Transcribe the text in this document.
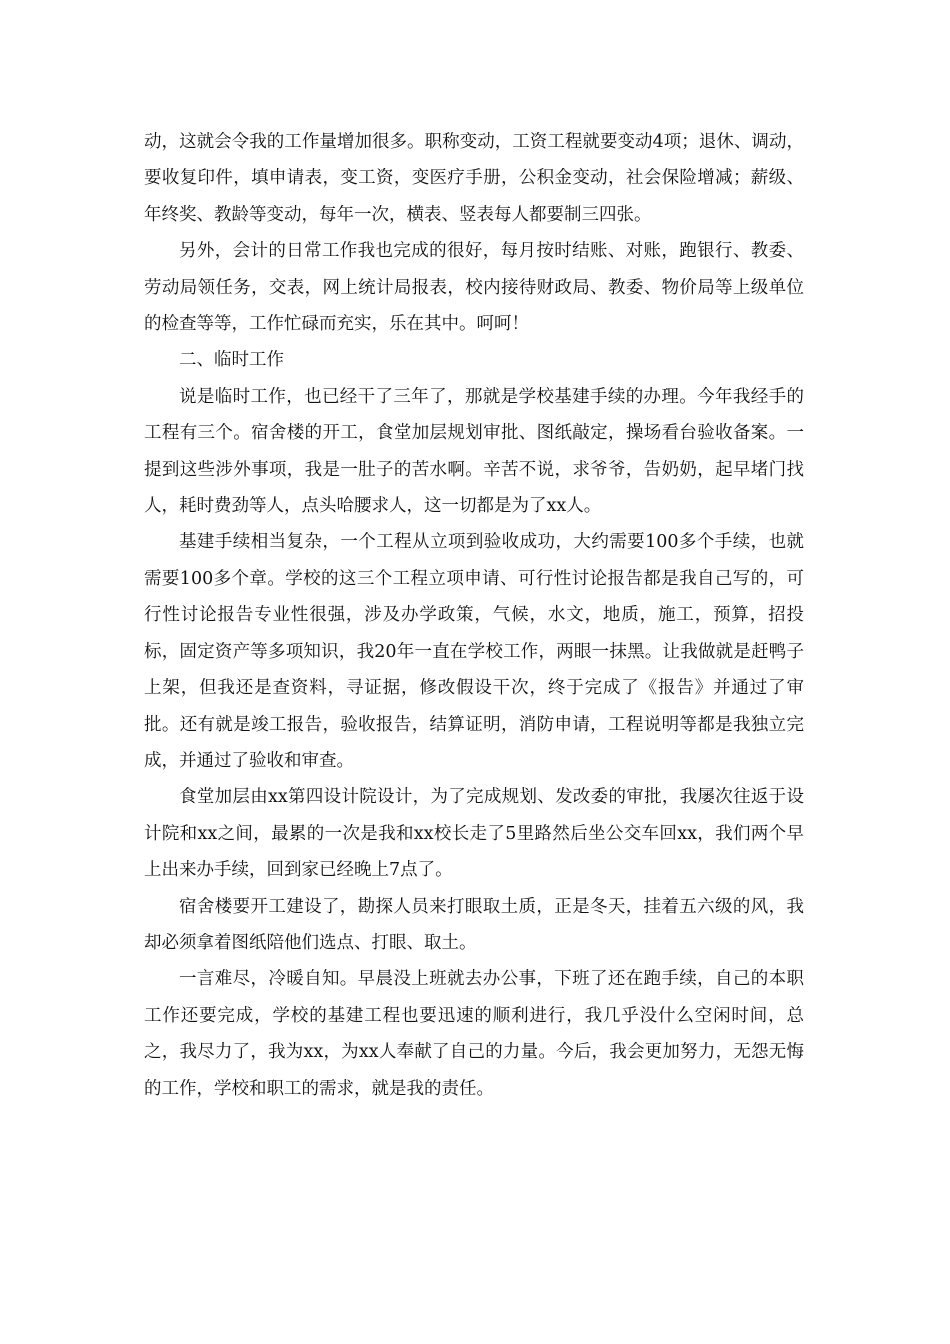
动，这就会令我的工作量增加很多。职称变动，工资工程就要变动4项；退休、调动，要收复印件，填申请表，变工资，变医疗手册，公积金变动，社会保险增减；薪级、年终奖、教龄等变动，每年一次，横表、竖表每人都要制三四张。

另外，会计的日常工作我也完成的很好，每月按时结账、对账，跑银行、教委、劳动局领任务，交表，网上统计局报表，校内接待财政局、教委、物价局等上级单位的检查等等，工作忙碌而充实，乐在其中。呵呵！

二、临时工作

说是临时工作，也已经干了三年了，那就是学校基建手续的办理。今年我经手的工程有三个。宿舍楼的开工，食堂加层规划审批、图纸敲定，操场看台验收备案。一提到这些涉外事项，我是一肚子的苦水啊。辛苦不说，求爷爷，告奶奶，起早堵门找人，耗时费劲等人，点头哈腰求人，这一切都是为了xx人。

基建手续相当复杂，一个工程从立项到验收成功，大约需要100多个手续，也就需要100多个章。学校的这三个工程立项申请、可行性讨论报告都是我自己写的，可行性讨论报告专业性很强，涉及办学政策，气候，水文，地质，施工，预算，招投标，固定资产等多项知识，我20年一直在学校工作，两眼一抹黑。让我做就是赶鸭子上架，但我还是查资料，寻证据，修改假设干次，终于完成了《报告》并通过了审批。还有就是竣工报告，验收报告，结算证明，消防申请，工程说明等都是我独立完成，并通过了验收和审查。

食堂加层由xx第四设计院设计，为了完成规划、发改委的审批，我屡次往返于设计院和xx之间，最累的一次是我和xx校长走了5里路然后坐公交车回xx，我们两个早上出来办手续，回到家已经晚上7点了。

宿舍楼要开工建设了，勘探人员来打眼取土质，正是冬天，挂着五六级的风，我却必须拿着图纸陪他们选点、打眼、取土。

一言难尽，冷暖自知。早晨没上班就去办公事，下班了还在跑手续，自己的本职工作还要完成，学校的基建工程也要迅速的顺利进行，我几乎没什么空闲时间，总之，我尽力了，我为xx，为xx人奉献了自己的力量。今后，我会更加努力，无怨无悔的工作，学校和职工的需求，就是我的责任。
